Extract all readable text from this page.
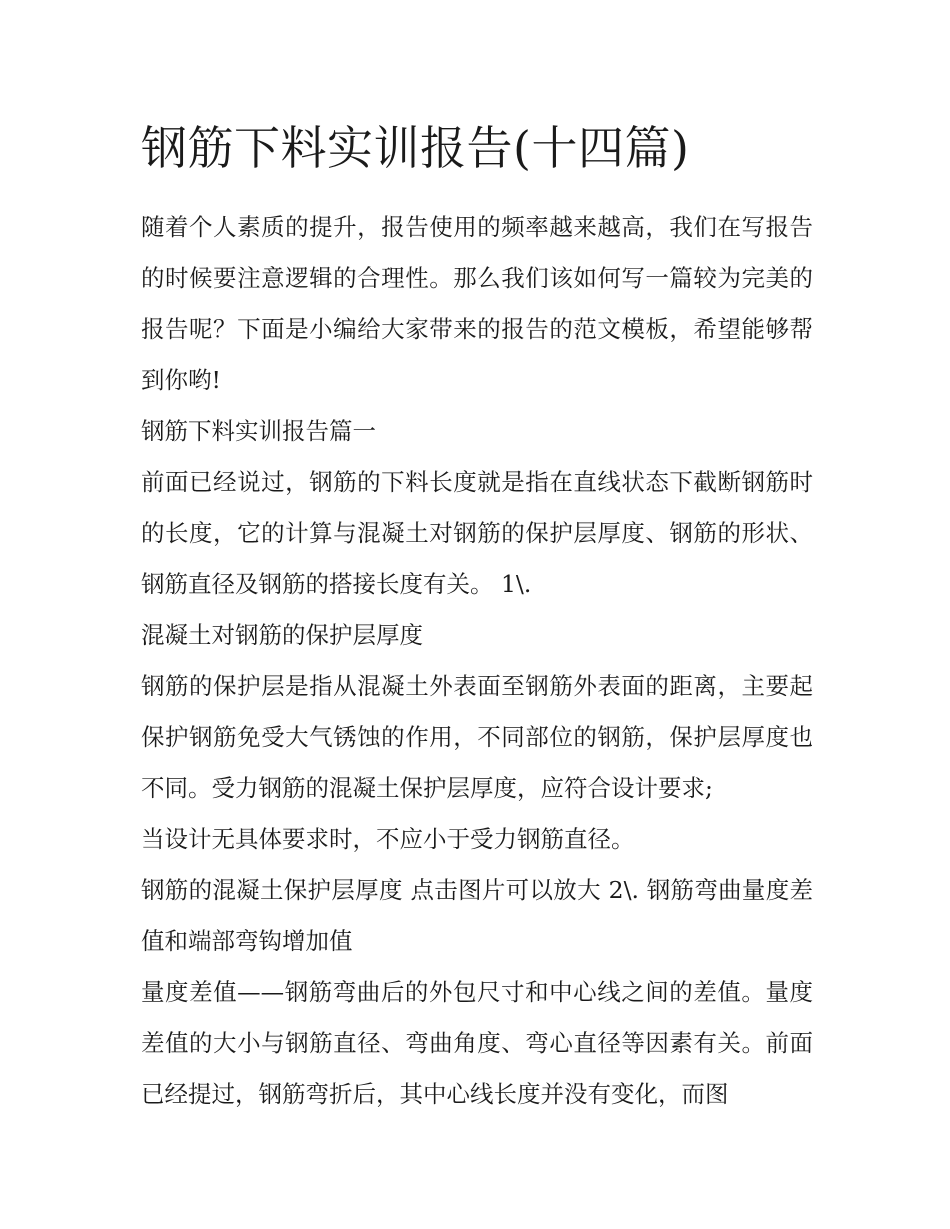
钢筋下料实训报告(十四篇)

随着个人素质的提升，报告使用的频率越来越高，我们在写报告的时候要注意逻辑的合理性。那么我们该如何写一篇较为完美的报告呢？下面是小编给大家带来的报告的范文模板，希望能够帮到你哟!

钢筋下料实训报告篇一

前面已经说过，钢筋的下料长度就是指在直线状态下截断钢筋时的长度，它的计算与混凝土对钢筋的保护层厚度、钢筋的形状、钢筋直径及钢筋的搭接长度有关。 1\.

混凝土对钢筋的保护层厚度

钢筋的保护层是指从混凝土外表面至钢筋外表面的距离，主要起保护钢筋免受大气锈蚀的作用，不同部位的钢筋，保护层厚度也不同。受力钢筋的混凝土保护层厚度，应符合设计要求;

当设计无具体要求时，不应小于受力钢筋直径。

钢筋的混凝土保护层厚度 点击图片可以放大 2\. 钢筋弯曲量度差值和端部弯钩增加值

量度差值——钢筋弯曲后的外包尺寸和中心线之间的差值。量度差值的大小与钢筋直径、弯曲角度、弯心直径等因素有关。前面已经提过，钢筋弯折后，其中心线长度并没有变化，而图
